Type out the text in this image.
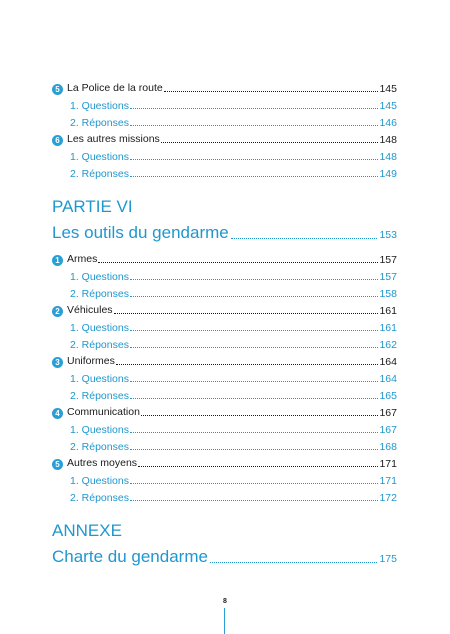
5 La Police de la route	145
1. Questions	145
2. Réponses	146
6 Les autres missions	148
1. Questions	148
2. Réponses	149
PARTIE VI
Les outils du gendarme	153
1 Armes	157
1. Questions	157
2. Réponses	158
2 Véhicules	161
1. Questions	161
2. Réponses	162
3 Uniformes	164
1. Questions	164
2. Réponses	165
4 Communication	167
1. Questions	167
2. Réponses	168
5 Autres moyens	171
1. Questions	171
2. Réponses	172
ANNEXE
Charte du gendarme	175
8
